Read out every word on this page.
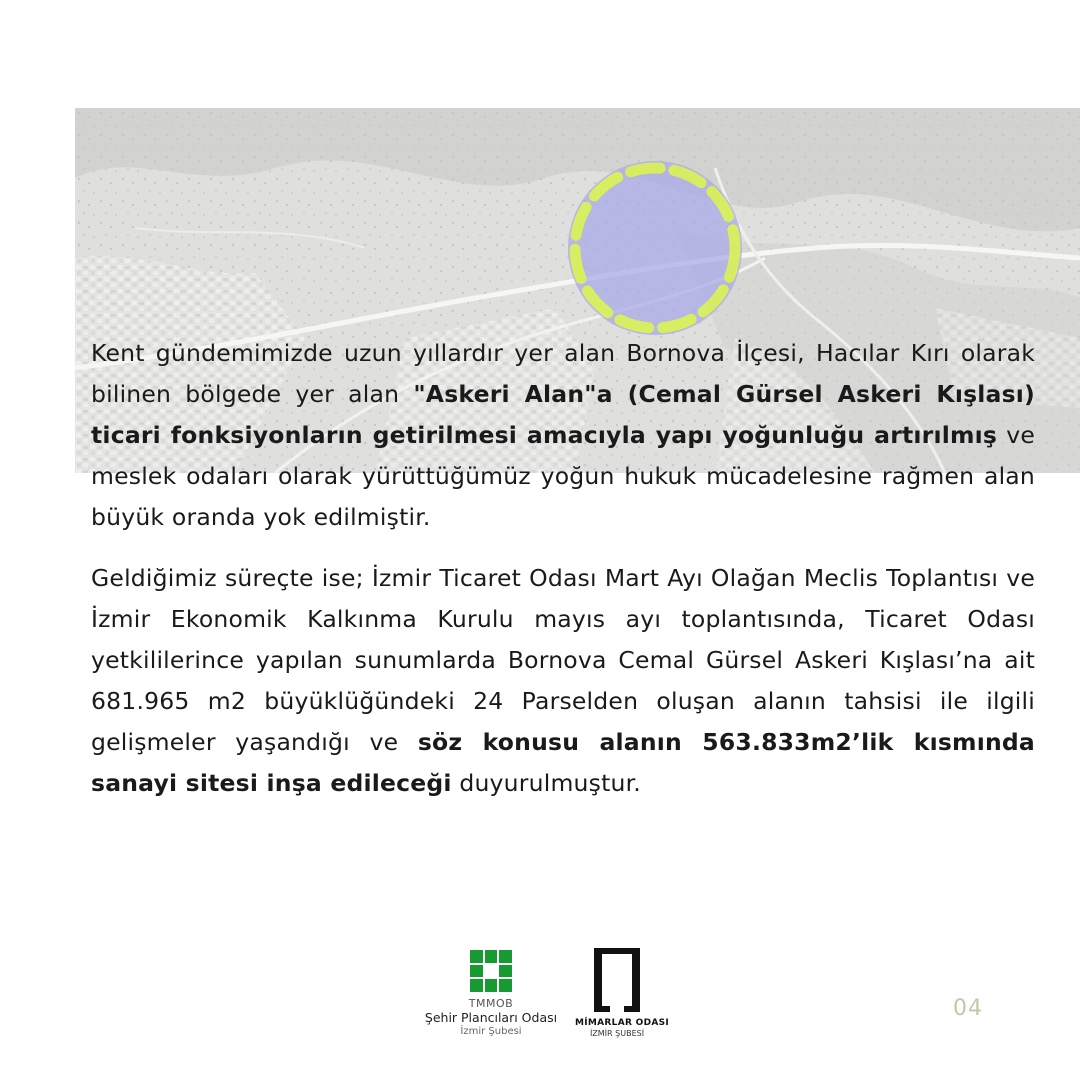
Kent gündemimizde uzun yıllardır yer alan Bornova İlçesi, Hacılar Kırı olarak bilinen bölgede yer alan "Askeri Alan"a (Cemal Gürsel Askeri Kışlası) ticari fonksiyonların getirilmesi amacıyla yapı yoğunluğu artırılmış ve meslek odaları olarak yürüttüğümüz yoğun hukuk mücadelesine rağmen alan büyük oranda yok edilmiştir.

Geldiğimiz süreçte ise; İzmir Ticaret Odası Mart Ayı Olağan Meclis Toplantısı ve İzmir Ekonomik Kalkınma Kurulu mayıs ayı toplantısında, Ticaret Odası yetkililerince yapılan sunumlarda Bornova Cemal Gürsel Askeri Kışlası’na ait 681.965 m2 büyüklüğündeki 24 Parselden oluşan alanın tahsisi ile ilgili gelişmeler yaşandığı ve söz konusu alanın 563.833m2’lik kısmında sanayi sitesi inşa edileceği duyurulmuştur.

TMMOB
Şehir Plancıları Odası
İzmir Şubesi
MİMARLAR ODASI
İZMİR ŞUBESİ
04
